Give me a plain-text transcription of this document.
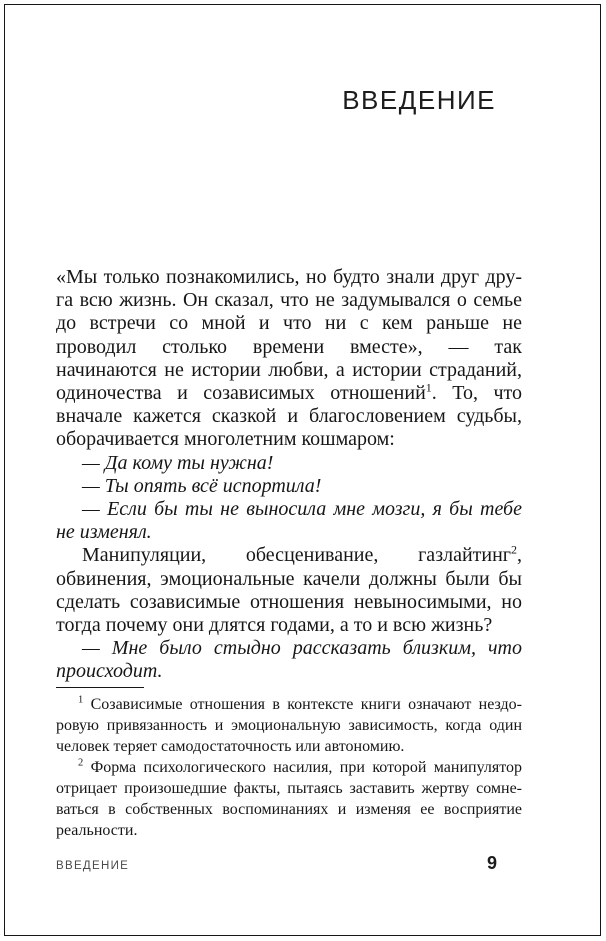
ВВЕДЕНИЕ

«Мы только познакомились, но будто знали друг друга всю жизнь. Он сказал, что не задумывался о семье до встречи со мной и что ни с кем раньше не проводил столько времени вместе», — так начинаются не истории любви, а истории страданий, одиночества и созависимых отношений$^1$. То, что вначале кажется сказкой и благословением судьбы, оборачивается многолетним кошмаром:

— Да кому ты нужна!

— Ты опять всё испортила!

— Если бы ты не выносила мне мозги, я бы тебе не изменял.

Манипуляции, обесценивание, газлайтинг$^2$, обвинения, эмоциональные качели должны были бы сделать созависимые отношения невыносимыми, но тогда почему они длятся годами, а то и всю жизнь?

— Мне было стыдно рассказать близким, что происходит.

$^1$ Созависимые отношения в контексте книги означают нездоровую привязанность и эмоциональную зависимость, когда один человек теряет самодостаточность или автономию.

$^2$ Форма психологического насилия, при которой манипулятор отрицает произошедшие факты, пытаясь заставить жертву сомневаться в собственных воспоминаниях и изменяя ее восприятие реальности.

ВВЕДЕНИЕ	9
